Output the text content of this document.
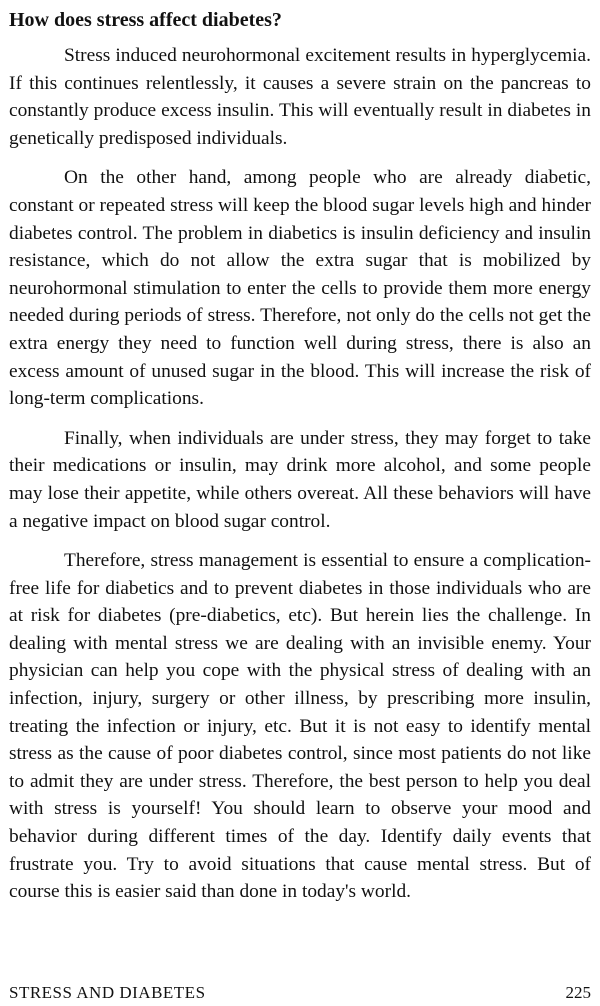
How does stress affect diabetes?

Stress induced neurohormonal excitement results in hyperglycemia. If this continues relentlessly, it causes a severe strain on the pancreas to constantly produce excess insulin. This will eventually result in diabetes in genetically predisposed individuals.

On the other hand, among people who are already diabetic, constant or repeated stress will keep the blood sugar levels high and hinder diabetes control. The problem in diabetics is insulin deficiency and insulin resistance, which do not allow the extra sugar that is mobilized by neurohormonal stimulation to enter the cells to provide them more energy needed during periods of stress. Therefore, not only do the cells not get the extra energy they need to function well during stress, there is also an excess amount of unused sugar in the blood. This will increase the risk of long-term complications.

Finally, when individuals are under stress, they may forget to take their medications or insulin, may drink more alcohol, and some people may lose their appetite, while others overeat. All these behaviors will have a negative impact on blood sugar control.

Therefore, stress management is essential to ensure a complication-free life for diabetics and to prevent diabetes in those individuals who are at risk for diabetes (pre-diabetics, etc). But herein lies the challenge. In dealing with mental stress we are dealing with an invisible enemy. Your physician can help you cope with the physical stress of dealing with an infection, injury, surgery or other illness, by prescribing more insulin, treating the infection or injury, etc. But it is not easy to identify mental stress as the cause of poor diabetes control, since most patients do not like to admit they are under stress. Therefore, the best person to help you deal with stress is yourself! You should learn to observe your mood and behavior during different times of the day. Identify daily events that frustrate you. Try to avoid situations that cause mental stress. But of course this is easier said than done in today's world.

STRESS AND DIABETES	225
